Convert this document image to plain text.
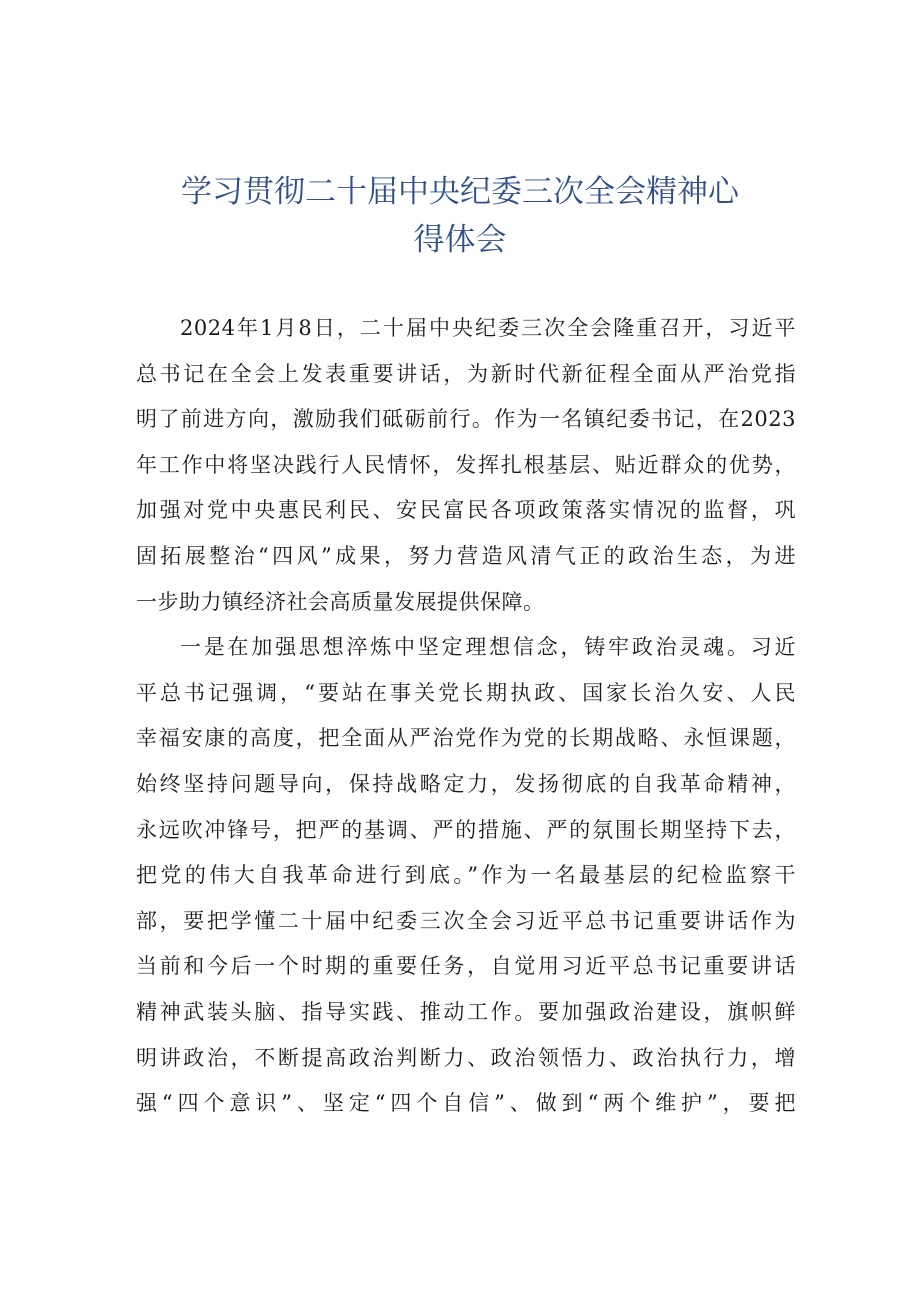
学习贯彻二十届中央纪委三次全会精神心
得体会
2024年1月8日，二十届中央纪委三次全会隆重召开，习近平
总书记在全会上发表重要讲话，为新时代新征程全面从严治党指
明了前进方向，激励我们砥砺前行。作为一名镇纪委书记，在2023
年工作中将坚决践行人民情怀，发挥扎根基层、贴近群众的优势，
加强对党中央惠民利民、安民富民各项政策落实情况的监督，巩
固拓展整治“四风”成果，努力营造风清气正的政治生态，为进
一步助力镇经济社会高质量发展提供保障。
一是在加强思想淬炼中坚定理想信念，铸牢政治灵魂。习近
平总书记强调，“要站在事关党长期执政、国家长治久安、人民
幸福安康的高度，把全面从严治党作为党的长期战略、永恒课题，
始终坚持问题导向，保持战略定力，发扬彻底的自我革命精神，
永远吹冲锋号，把严的基调、严的措施、严的氛围长期坚持下去，
把党的伟大自我革命进行到底。”作为一名最基层的纪检监察干
部，要把学懂二十届中纪委三次全会习近平总书记重要讲话作为
当前和今后一个时期的重要任务，自觉用习近平总书记重要讲话
精神武装头脑、指导实践、推动工作。要加强政治建设，旗帜鲜
明讲政治，不断提高政治判断力、政治领悟力、政治执行力，增
强“四个意识”、坚定“四个自信”、做到“两个维护”，要把
